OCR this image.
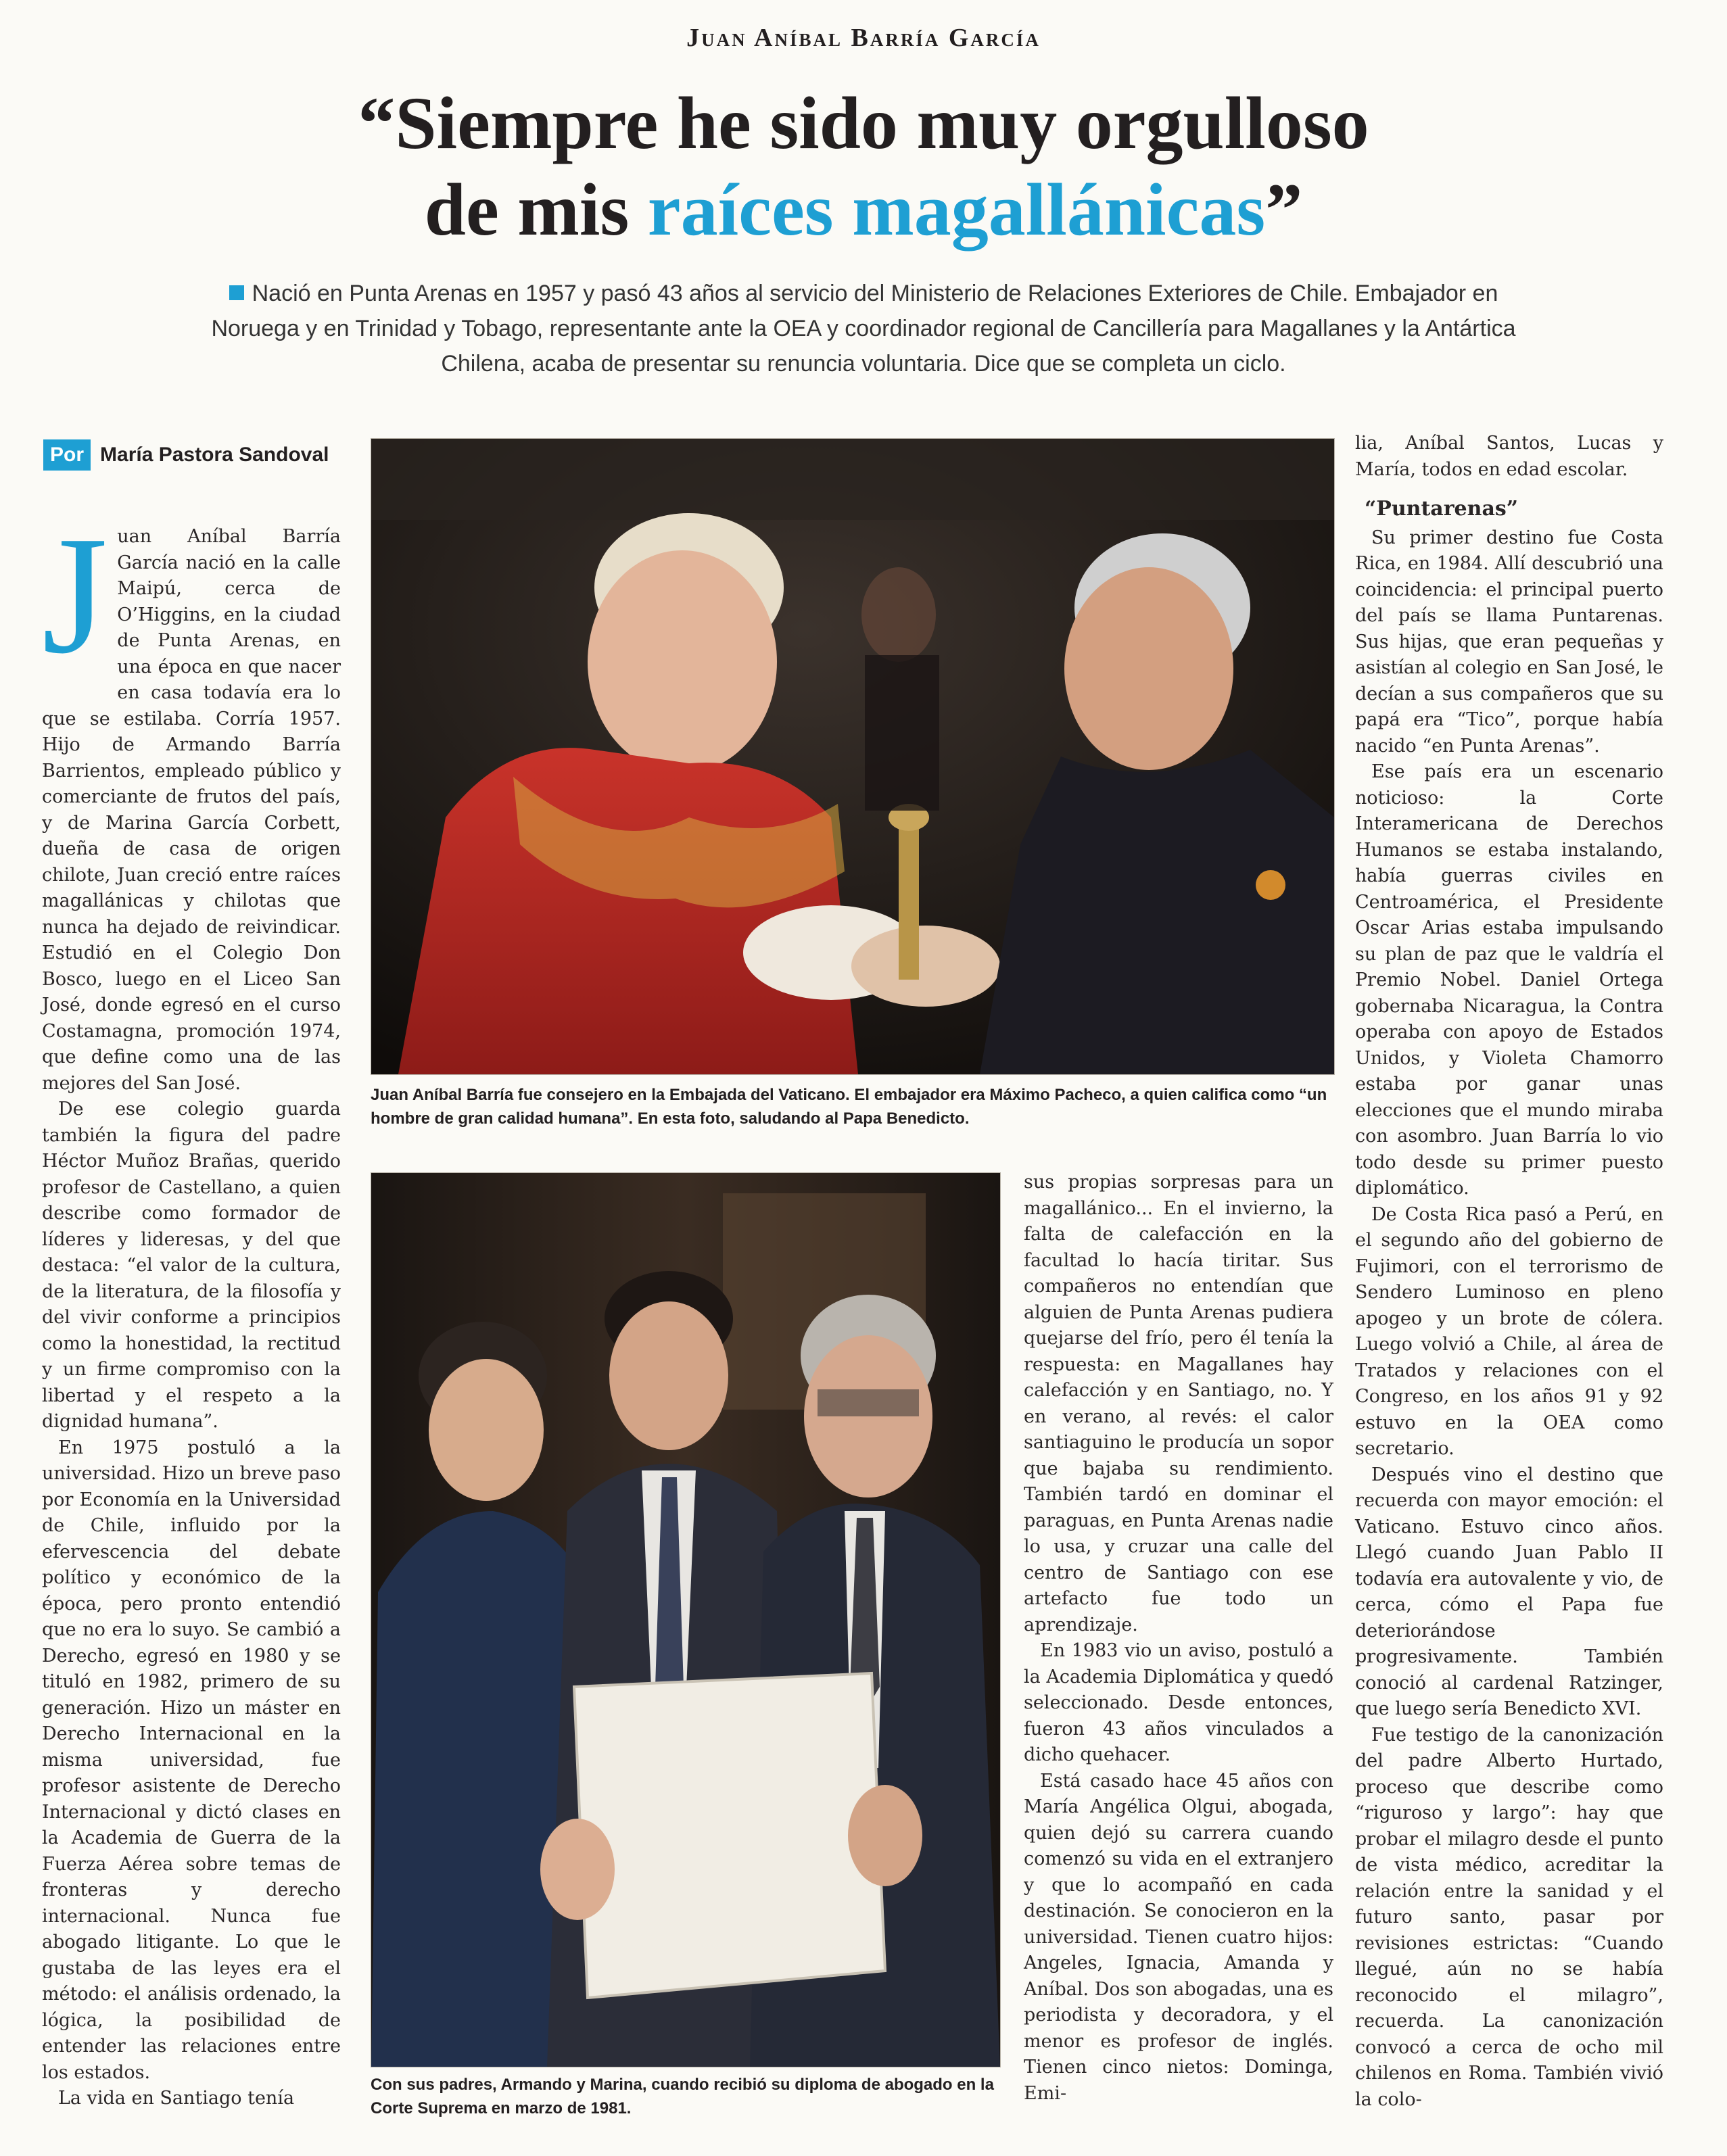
Juan Aníbal Barría García
“Siempre he sido muy orgulloso
de mis raíces magallánicas”
Nació en Punta Arenas en 1957 y pasó 43 años al servicio del Ministerio de Relaciones Exteriores de Chile. Embajador en Noruega y en Trinidad y Tobago, representante ante la OEA y coordinador regional de Cancillería para Magallanes y la Antártica Chilena, acaba de presentar su renuncia voluntaria. Dice que se completa un ciclo.
Por María Pastora Sandoval

Juan Aníbal Barría García nació en la calle Maipú, cerca de O’Higgins, en la ciudad de Punta Arenas, en una época en que nacer en casa todavía era lo que se estilaba. Corría 1957. Hijo de Armando Barría Barrientos, empleado público y comerciante de frutos del país, y de Marina García Corbett, dueña de casa de origen chilote, Juan creció entre raíces magallánicas y chilotas que nunca ha dejado de reivindicar. Estudió en el Colegio Don Bosco, luego en el Liceo San José, donde egresó en el curso Costamagna, promoción 1974, que define como una de las mejores del San José.

De ese colegio guarda también la figura del padre Héctor Muñoz Brañas, querido profesor de Castellano, a quien describe como formador de líderes y lideresas, y del que destaca: “el valor de la cultura, de la literatura, de la filosofía y del vivir conforme a principios como la honestidad, la rectitud y un firme compromiso con la libertad y el respeto a la dignidad humana”.

En 1975 postuló a la universidad. Hizo un breve paso por Economía en la Universidad de Chile, influido por la efervescencia del debate político y económico de la época, pero pronto entendió que no era lo suyo. Se cambió a Derecho, egresó en 1980 y se tituló en 1982, primero de su generación. Hizo un máster en Derecho Internacional en la misma universidad, fue profesor asistente de Derecho Internacional y dictó clases en la Academia de Guerra de la Fuerza Aérea sobre temas de fronteras y derecho internacional. Nunca fue abogado litigante. Lo que le gustaba de las leyes era el método: el análisis ordenado, la lógica, la posibilidad de entender las relaciones entre los estados.

La vida en Santiago tenía

Juan Aníbal Barría fue consejero en la Embajada del Vaticano. El embajador era Máximo Pacheco, a quien califica como “un hombre de gran calidad humana”. En esta foto, saludando al Papa Benedicto.
Con sus padres, Armando y Marina, cuando recibió su diploma de abogado en la Corte Suprema en marzo de 1981.

sus propias sorpresas para un magallánico... En el invierno, la falta de calefacción en la facultad lo hacía tiritar. Sus compañeros no entendían que alguien de Punta Arenas pudiera quejarse del frío, pero él tenía la respuesta: en Magallanes hay calefacción y en Santiago, no. Y en verano, al revés: el calor santiaguino le producía un sopor que bajaba su rendimiento. También tardó en dominar el paraguas, en Punta Arenas nadie lo usa, y cruzar una calle del centro de Santiago con ese artefacto fue todo un aprendizaje.

En 1983 vio un aviso, postuló a la Academia Diplomática y quedó seleccionado. Desde entonces, fueron 43 años vinculados a dicho quehacer.

Está casado hace 45 años con María Angélica Olgui, abogada, quien dejó su carrera cuando comenzó su vida en el extranjero y que lo acompañó en cada destinación. Se conocieron en la universidad. Tienen cuatro hijos: Angeles, Ignacia, Amanda y Aníbal. Dos son abogadas, una es periodista y decoradora, y el menor es profesor de inglés. Tienen cinco nietos: Dominga, Emi-

lia, Aníbal Santos, Lucas y María, todos en edad escolar.

“Puntarenas”

Su primer destino fue Costa Rica, en 1984. Allí descubrió una coincidencia: el principal puerto del país se llama Puntarenas. Sus hijas, que eran pequeñas y asistían al colegio en San José, le decían a sus compañeros que su papá era “Tico”, porque había nacido “en Punta Arenas”.

Ese país era un escenario noticioso: la Corte Interamericana de Derechos Humanos se estaba instalando, había guerras civiles en Centroamérica, el Presidente Oscar Arias estaba impulsando su plan de paz que le valdría el Premio Nobel. Daniel Ortega gobernaba Nicaragua, la Contra operaba con apoyo de Estados Unidos, y Violeta Chamorro estaba por ganar unas elecciones que el mundo miraba con asombro. Juan Barría lo vio todo desde su primer puesto diplomático.

De Costa Rica pasó a Perú, en el segundo año del gobierno de Fujimori, con el terrorismo de Sendero Luminoso en pleno apogeo y un brote de cólera. Luego volvió a Chile, al área de Tratados y relaciones con el Congreso, en los años 91 y 92 estuvo en la OEA como secretario.

Después vino el destino que recuerda con mayor emoción: el Vaticano. Estuvo cinco años. Llegó cuando Juan Pablo II todavía era autovalente y vio, de cerca, cómo el Papa fue deteriorándose progresivamente. También conoció al cardenal Ratzinger, que luego sería Benedicto XVI.

Fue testigo de la canonización del padre Alberto Hurtado, proceso que describe como “riguroso y largo”: hay que probar el milagro desde el punto de vista médico, acreditar la relación entre la sanidad y el futuro santo, pasar por revisiones estrictas: “Cuando llegué, aún no se había reconocido el milagro”, recuerda. La canonización convocó a cerca de ocho mil chilenos en Roma. También vivió la colo-
